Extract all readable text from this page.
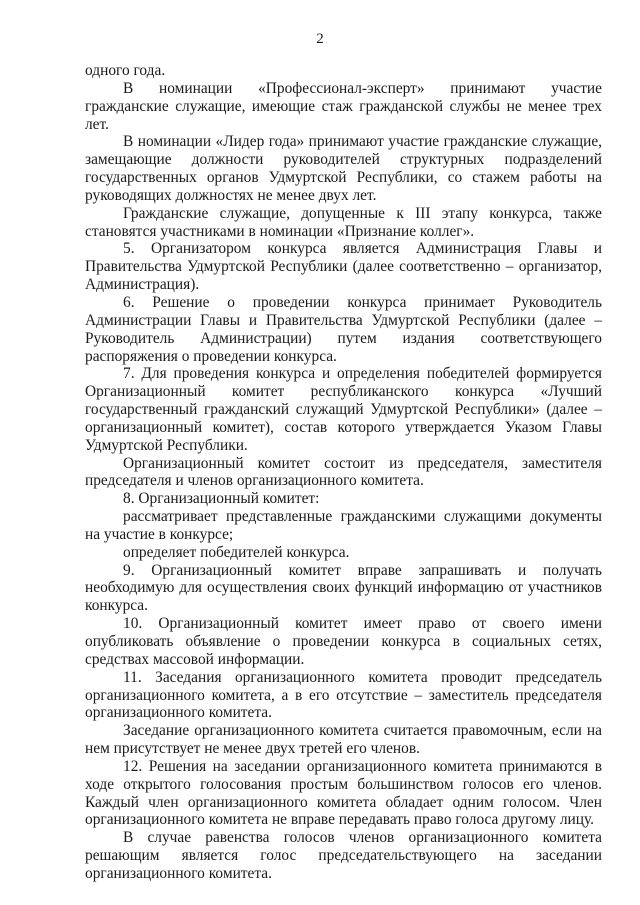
2

одного года.

В номинации «Профессионал-эксперт» принимают участие гражданские служащие, имеющие стаж гражданской службы не менее трех лет.

В номинации «Лидер года» принимают участие гражданские служащие, замещающие должности руководителей структурных подразделений государственных органов Удмуртской Республики, со стажем работы на руководящих должностях не менее двух лет.

Гражданские служащие, допущенные к III этапу конкурса, также становятся участниками в номинации «Признание коллег».

5. Организатором конкурса является Администрация Главы и Правительства Удмуртской Республики (далее соответственно – организатор, Администрация).

6. Решение о проведении конкурса принимает Руководитель Администрации Главы и Правительства Удмуртской Республики (далее – Руководитель Администрации) путем издания соответствующего распоряжения о проведении конкурса.

7. Для проведения конкурса и определения победителей формируется Организационный комитет республиканского конкурса «Лучший государственный гражданский служащий Удмуртской Республики» (далее – организационный комитет), состав которого утверждается Указом Главы Удмуртской Республики.

Организационный комитет состоит из председателя, заместителя председателя и членов организационного комитета.

8. Организационный комитет:

рассматривает представленные гражданскими служащими документы на участие в конкурсе;

определяет победителей конкурса.

9. Организационный комитет вправе запрашивать и получать необходимую для осуществления своих функций информацию от участников конкурса.

10. Организационный комитет имеет право от своего имени опубликовать объявление о проведении конкурса в социальных сетях, средствах массовой информации.

11. Заседания организационного комитета проводит председатель организационного комитета, а в его отсутствие – заместитель председателя организационного комитета.

Заседание организационного комитета считается правомочным, если на нем присутствует не менее двух третей его членов.

12. Решения на заседании организационного комитета принимаются в ходе открытого голосования простым большинством голосов его членов. Каждый член организационного комитета обладает одним голосом. Член организационного комитета не вправе передавать право голоса другому лицу.

В случае равенства голосов членов организационного комитета решающим является голос председательствующего на заседании организационного комитета.
